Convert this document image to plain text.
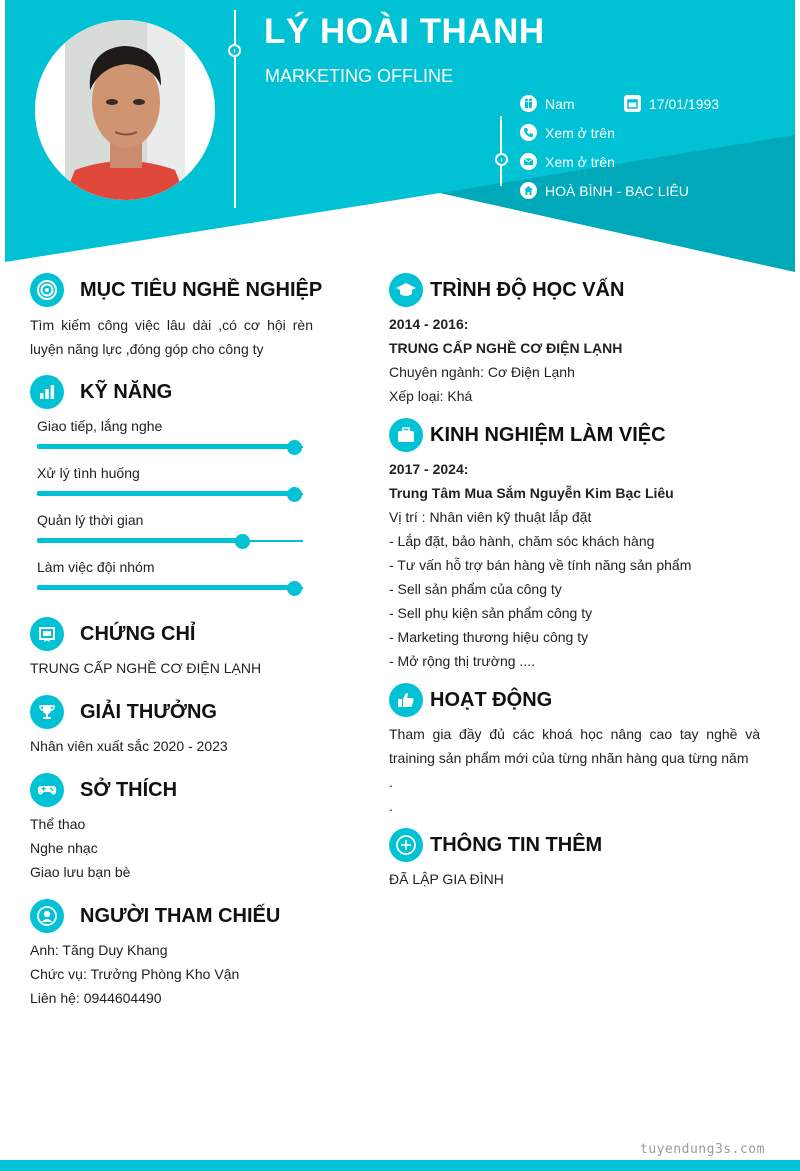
› LÝ HOÀI THANH
MARKETING OFFLINE
›
Nam	17/01/1993
Xem ở trên
Xem ở trên
HOÀ BÌNH - BẠC LIÊU
MỤC TIÊU NGHỀ NGHIỆP
Tìm kiếm công việc lâu dài ,có cơ hội rèn luyện năng lực ,đóng góp cho công ty
KỸ NĂNG
Giao tiếp, lắng nghe
Xử lý tình huống
Quản lý thời gian
Làm việc đội nhóm
CHỨNG CHỈ
TRUNG CẤP NGHỀ CƠ ĐIỆN LẠNH
GIẢI THƯỞNG
Nhân viên xuất sắc 2020 - 2023
SỞ THÍCH
Thể thao
Nghe nhạc
Giao lưu bạn bè
NGƯỜI THAM CHIẾU
Anh: Tăng Duy Khang
Chức vụ: Trưởng Phòng Kho Vận
Liên hệ: 0944604490
TRÌNH ĐỘ HỌC VẤN
2014 - 2016:
TRUNG CẤP NGHỀ CƠ ĐIỆN LẠNH
Chuyên ngành: Cơ Điện Lạnh
Xếp loại: Khá
KINH NGHIỆM LÀM VIỆC
2017 - 2024:
Trung Tâm Mua Sắm Nguyễn Kim Bạc Liêu
Vị trí : Nhân viên kỹ thuật lắp đặt
- Lắp đặt, bảo hành, chăm sóc khách hàng
- Tư vấn hỗ trợ bán hàng về tính năng sản phẩm
- Sell sản phẩm của công ty
- Sell phụ kiện sản phẩm công ty
- Marketing thương hiệu công ty
- Mở rộng thị trường ....
HOẠT ĐỘNG
Tham gia đầy đủ các khoá học nâng cao tay nghề và training sản phẩm mới của từng nhãn hàng qua từng năm
.
.
THÔNG TIN THÊM
ĐÃ LẬP GIA ĐÌNH
tuyendung3s.com
